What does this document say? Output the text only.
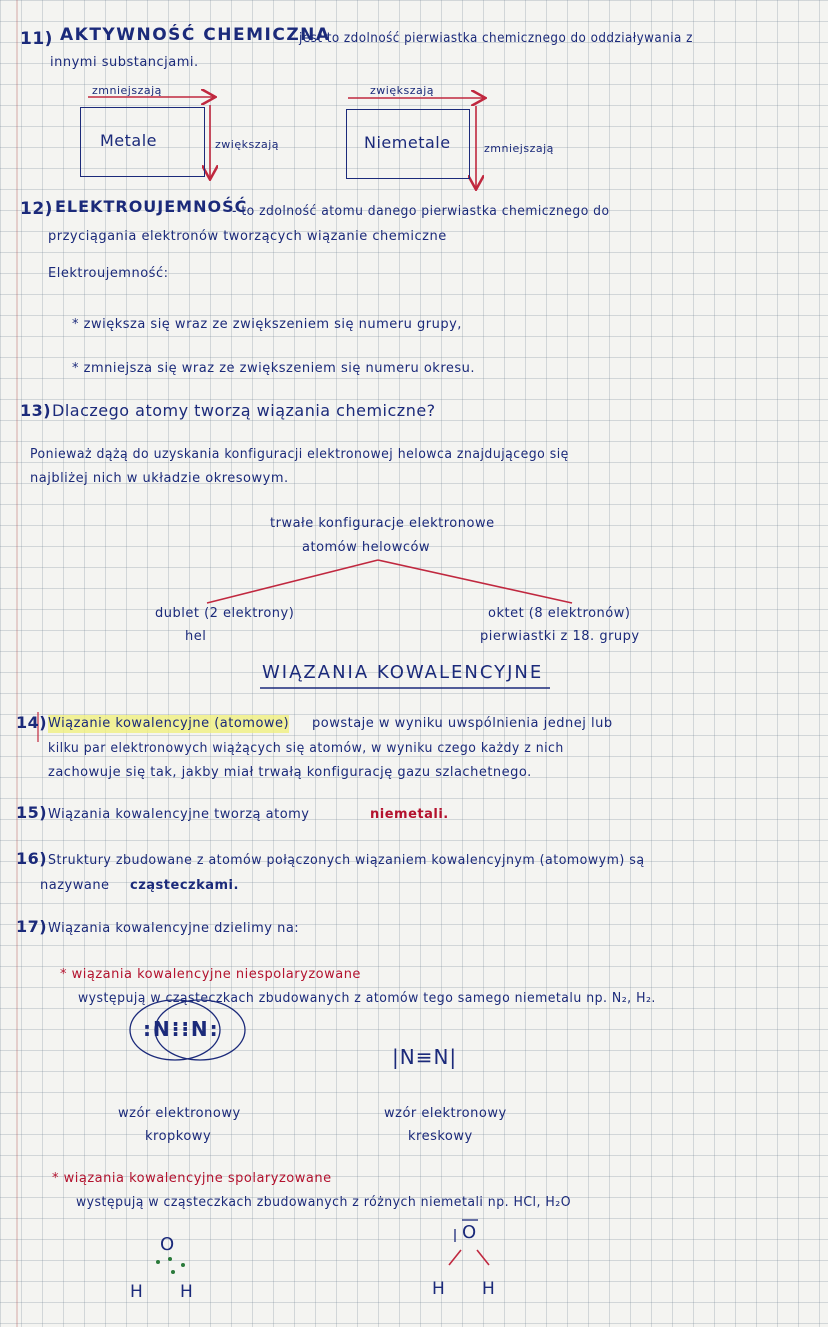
11) AKTYWNOŚĆ CHEMICZNA
- jest to zdolność pierwiastka chemicznego do oddziaływania z
innymi substancjami.
zmniejszają
Metale	zwiększają
zwiększają
Niemetale	zmniejszają
12) ELEKTROUJEMNOŚĆ
- to zdolność atomu danego pierwiastka chemicznego do
przyciągania elektronów tworzących wiązanie chemiczne
Elektroujemność:
* zwiększa się wraz ze zwiększeniem się numeru grupy,
* zmniejsza się wraz ze zwiększeniem się numeru okresu.
13) Dlaczego atomy tworzą wiązania chemiczne?
Ponieważ dążą do uzyskania konfiguracji elektronowej helowca znajdującego się
najbliżej nich w układzie okresowym.
trwałe konfiguracje elektronowe
atomów helowców
dublet (2 elektrony)
hel
oktet (8 elektronów)
pierwiastki z 18. grupy
WIĄZANIA KOWALENCYJNE
14) Wiązanie kowalencyjne (atomowe) powstaje w wyniku uwspólnienia jednej lub
kilku par elektronowych wiążących się atomów, w wyniku czego każdy z nich
zachowuje się tak, jakby miał trwałą konfigurację gazu szlachetnego.
15) Wiązania kowalencyjne tworzą atomy	niemetali.
16) Struktury zbudowane z atomów połączonych wiązaniem kowalencyjnym (atomowym) są
nazywane cząsteczkami.
17) Wiązania kowalencyjne dzielimy na:
* wiązania kowalencyjne niespolaryzowane
występują w cząsteczkach zbudowanych z atomów tego samego niemetalu np. N₂, H₂.
:N⁝⁝N:
wzór elektronowy
kropkowy
|N≡N|
wzór elektronowy
kreskowy
* wiązania kowalencyjne spolaryzowane
występują w cząsteczkach zbudowanych z różnych niemetali np. HCl, H₂O
O
H H
O
H H
